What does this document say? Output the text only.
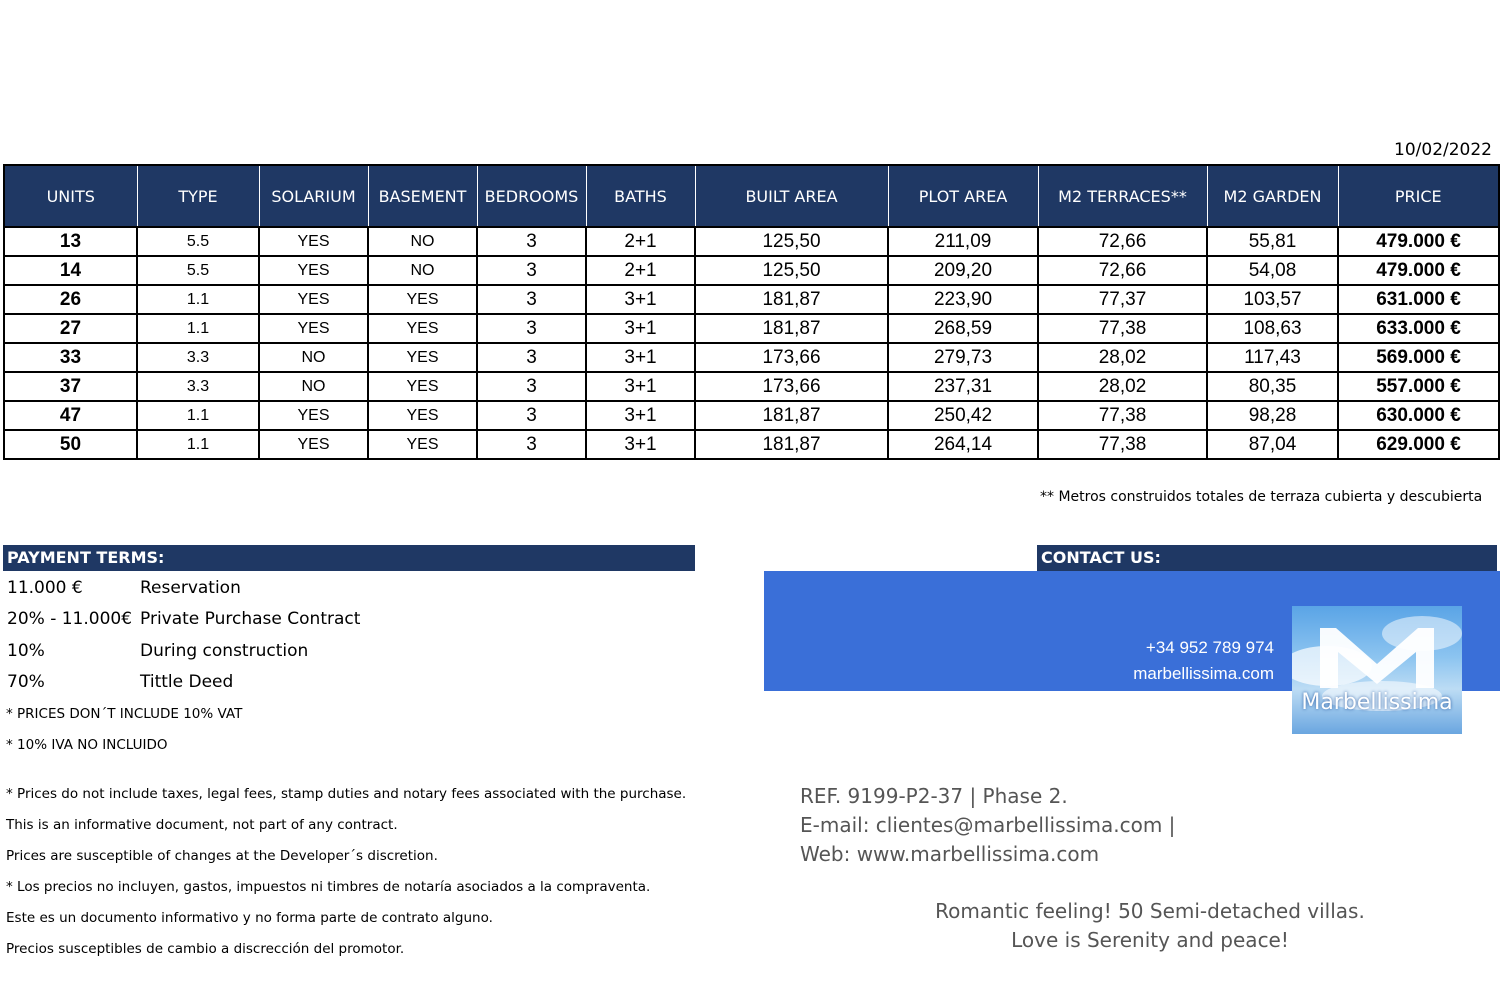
10/02/2022
UNITS	TYPE	SOLARIUM	BASEMENT	BEDROOMS	BATHS	BUILT AREA	PLOT AREA	M2 TERRACES**	M2 GARDEN	PRICE
13	5.5	YES	NO	3	2+1	125,50	211,09	72,66	55,81	479.000 €
14	5.5	YES	NO	3	2+1	125,50	209,20	72,66	54,08	479.000 €
26	1.1	YES	YES	3	3+1	181,87	223,90	77,37	103,57	631.000 €
27	1.1	YES	YES	3	3+1	181,87	268,59	77,38	108,63	633.000 €
33	3.3	NO	YES	3	3+1	173,66	279,73	28,02	117,43	569.000 €
37	3.3	NO	YES	3	3+1	173,66	237,31	28,02	80,35	557.000 €
47	1.1	YES	YES	3	3+1	181,87	250,42	77,38	98,28	630.000 €
50	1.1	YES	YES	3	3+1	181,87	264,14	77,38	87,04	629.000 €
** Metros construidos totales de terraza cubierta y descubierta
PAYMENT TERMS:
11.000 €	Reservation
20% - 11.000€ Private Purchase Contract
10%	During construction
70%	Tittle Deed
* PRICES DON´T INCLUDE 10% VAT
* 10% IVA NO INCLUIDO
* Prices do not include taxes, legal fees, stamp duties and notary fees associated with the purchase.
This is an informative document, not part of any contract.
Prices are susceptible of changes at the Developer´s discretion.
* Los precios no incluyen, gastos, impuestos ni timbres de notaría asociados a la compraventa.
Este es un documento informativo y no forma parte de contrato alguno.
Precios susceptibles de cambio a discrección del promotor.
CONTACT US:
+34 952 789 974
marbellissima.com
Marbellissima
REF. 9199-P2-37 | Phase 2.
E-mail: clientes@marbellissima.com |
Web: www.marbellissima.com
Romantic feeling! 50 Semi-detached villas.
Love is Serenity and peace!
